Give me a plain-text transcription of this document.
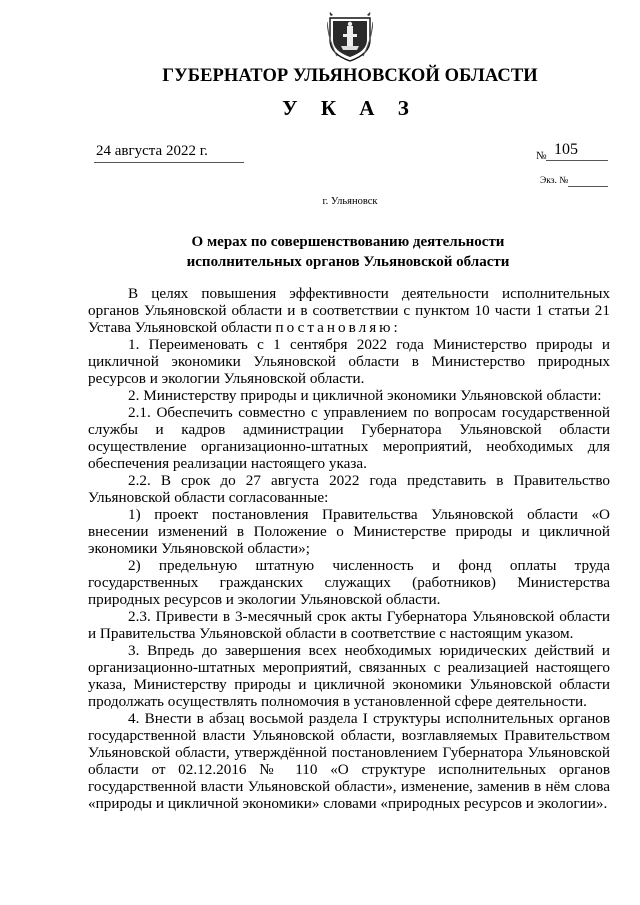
ГУБЕРНАТОР УЛЬЯНОВСКОЙ ОБЛАСТИ
У К А З
24 августа 2022 г.	№ 105
Экз. №
г. Ульяновск
О мерах по совершенствованию деятельности
исполнительных органов Ульяновской области

В целях повышения эффективности деятельности исполнительных органов Ульяновской области и в соответствии с пунктом 10 части 1 статьи 21 Устава Ульяновской области постановляю:

1. Переименовать с 1 сентября 2022 года Министерство природы и цикличной экономики Ульяновской области в Министерство природных ресурсов и экологии Ульяновской области.

2. Министерству природы и цикличной экономики Ульяновской области:

2.1. Обеспечить совместно с управлением по вопросам государственной службы и кадров администрации Губернатора Ульяновской области осуществление организационно-штатных мероприятий, необходимых для обеспечения реализации настоящего указа.

2.2. В срок до 27 августа 2022 года представить в Правительство Ульяновской области согласованные:

1) проект постановления Правительства Ульяновской области «О внесении изменений в Положение о Министерстве природы и цикличной экономики Ульяновской области»;

2) предельную штатную численность и фонд оплаты труда государственных гражданских служащих (работников) Министерства природных ресурсов и экологии Ульяновской области.

2.3. Привести в 3-месячный срок акты Губернатора Ульяновской области и Правительства Ульяновской области в соответствие с настоящим указом.

3. Впредь до завершения всех необходимых юридических действий и организационно-штатных мероприятий, связанных с реализацией настоящего указа, Министерству природы и цикличной экономики Ульяновской области продолжать осуществлять полномочия в установленной сфере деятельности.

4. Внести в абзац восьмой раздела I структуры исполнительных органов государственной власти Ульяновской области, возглавляемых Правительством Ульяновской области, утверждённой постановлением Губернатора Ульяновской области от 02.12.2016 № 110 «О структуре исполнительных органов государственной власти Ульяновской области», изменение, заменив в нём слова «природы и цикличной экономики» словами «природных ресурсов и экологии».
